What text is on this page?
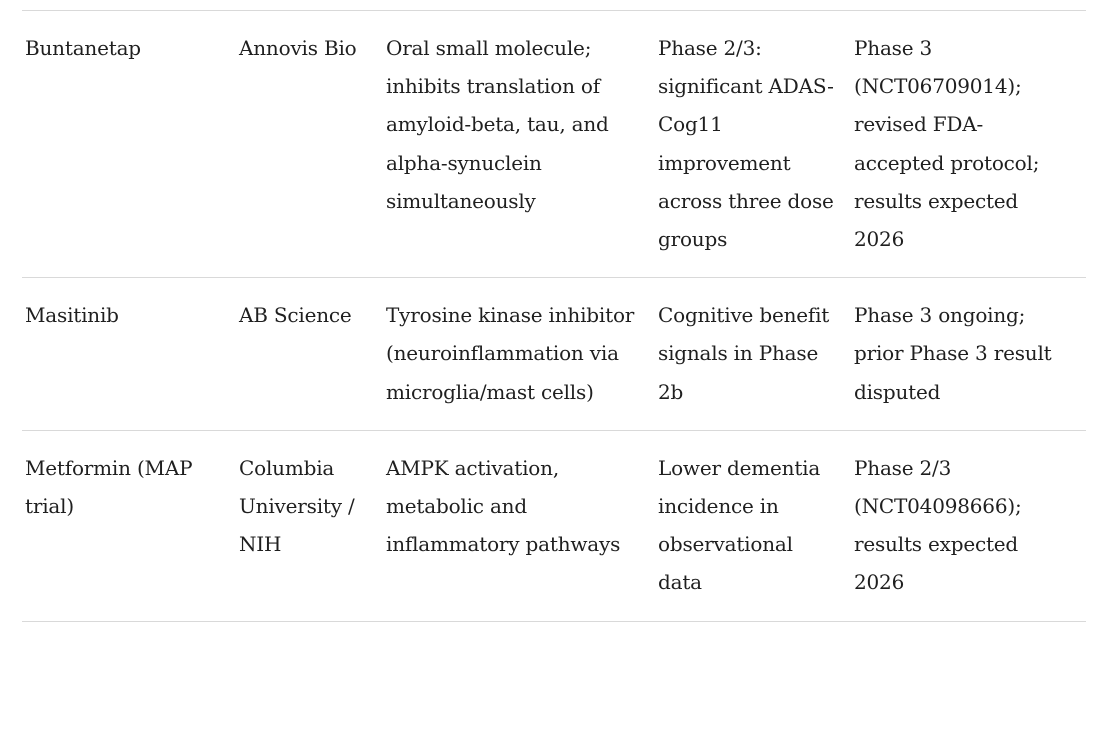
Buntanetap	Annovis Bio	Oral small molecule; inhibits translation of amyloid-beta, tau, and alpha-synuclein simultaneously	Phase 2/3: significant ADAS-Cog11 improvement across three dose groups	Phase 3 (NCT06709014); revised FDA-accepted protocol; results expected 2026
Masitinib	AB Science	Tyrosine kinase inhibitor (neuroinflammation via microglia/mast cells)	Cognitive benefit signals in Phase 2b	Phase 3 ongoing; prior Phase 3 result disputed
Metformin (MAP trial)	Columbia University / NIH	AMPK activation, metabolic and inflammatory pathways	Lower dementia incidence in observational data	Phase 2/3 (NCT04098666); results expected 2026
